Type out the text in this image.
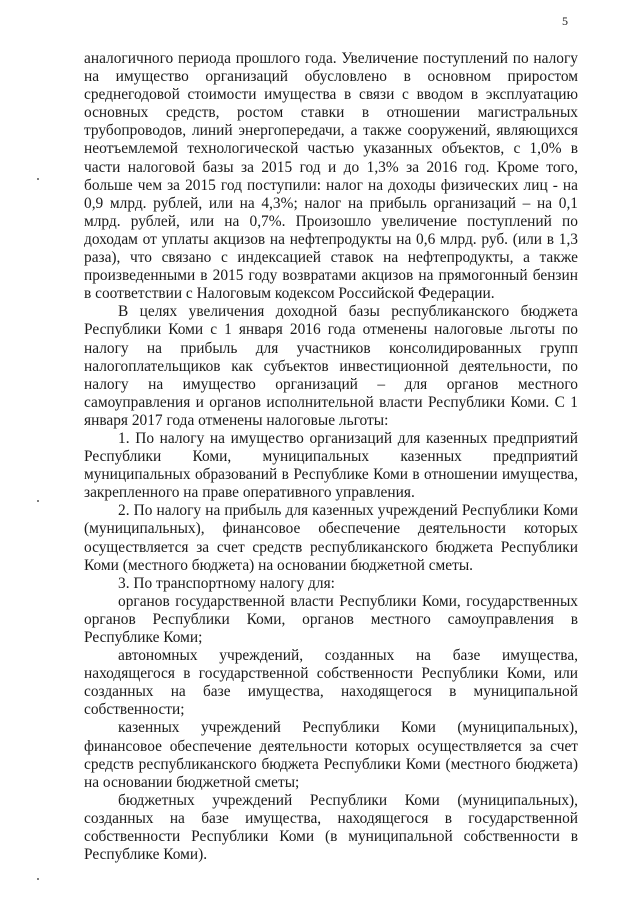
5

аналогичного периода прошлого года. Увеличение поступлений по налогу на имущество организаций обусловлено в основном приростом среднегодовой стоимости имущества в связи с вводом в эксплуатацию основных средств, ростом ставки в отношении магистральных трубопроводов, линий энергопередачи, а также сооружений, являющихся неотъемлемой технологической частью указанных объектов, с 1,0% в части налоговой базы за 2015 год и до 1,3% за 2016 год. Кроме того, больше чем за 2015 год поступили: налог на доходы физических лиц - на 0,9 млрд. рублей, или на 4,3%; налог на прибыль организаций – на 0,1 млрд. рублей, или на 0,7%. Произошло увеличение поступлений по доходам от уплаты акцизов на нефтепродукты на 0,6 млрд. руб. (или в 1,3 раза), что связано с индексацией ставок на нефтепродукты, а также произведенными в 2015 году возвратами акцизов на прямогонный бензин в соответствии с Налоговым кодексом Российской Федерации.

В целях увеличения доходной базы республиканского бюджета Республики Коми с 1 января 2016 года отменены налоговые льготы по налогу на прибыль для участников консолидированных групп налогоплательщиков как субъектов инвестиционной деятельности, по налогу на имущество организаций – для органов местного самоуправления и органов исполнительной власти Республики Коми. С 1 января 2017 года отменены налоговые льготы:

1. По налогу на имущество организаций для казенных предприятий Республики Коми, муниципальных казенных предприятий муниципальных образований в Республике Коми в отношении имущества, закрепленного на праве оперативного управления.

2. По налогу на прибыль для казенных учреждений Республики Коми (муниципальных), финансовое обеспечение деятельности которых осуществляется за счет средств республиканского бюджета Республики Коми (местного бюджета) на основании бюджетной сметы.

3. По транспортному налогу для:

органов государственной власти Республики Коми, государственных органов Республики Коми, органов местного самоуправления в Республике Коми;

автономных учреждений, созданных на базе имущества, находящегося в государственной собственности Республики Коми, или созданных на базе имущества, находящегося в муниципальной собственности;

казенных учреждений Республики Коми (муниципальных), финансовое обеспечение деятельности которых осуществляется за счет средств республиканского бюджета Республики Коми (местного бюджета) на основании бюджетной сметы;

бюджетных учреждений Республики Коми (муниципальных), созданных на базе имущества, находящегося в государственной собственности Республики Коми (в муниципальной собственности в Республике Коми).
